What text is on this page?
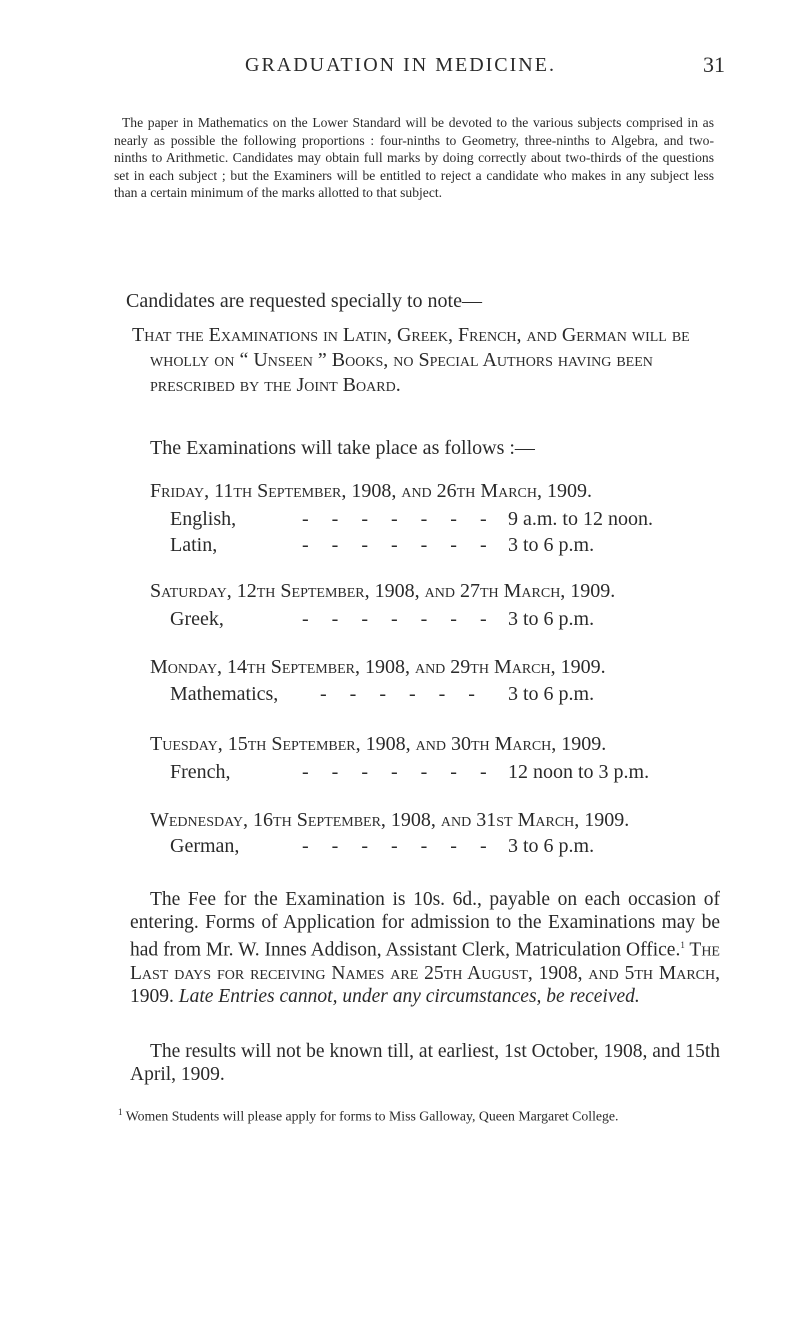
GRADUATION IN MEDICINE.	31
The paper in Mathematics on the Lower Standard will be devoted to the various subjects comprised in as nearly as possible the following proportions : four-ninths to Geometry, three-ninths to Algebra, and two-ninths to Arithmetic. Candidates may obtain full marks by doing correctly about two-thirds of the questions set in each subject ; but the Examiners will be entitled to reject a candidate who makes in any subject less than a certain minimum of the marks allotted to that subject.
Candidates are requested specially to note—
That the Examinations in Latin, Greek, French, and German will be wholly on “ Unseen ” Books, no Special Authors having been prescribed by the Joint Board.
The Examinations will take place as follows :—
Friday, 11th September, 1908, and 26th March, 1909.
English,	- - - - - - - 9 a.m. to 12 noon.
Latin,	- - - - - - - 3 to 6 p.m.
Saturday, 12th September, 1908, and 27th March, 1909.
Greek,	- - - - - - - 3 to 6 p.m.
Monday, 14th September, 1908, and 29th March, 1909.
Mathematics, - - - - - -	3 to 6 p.m.
Tuesday, 15th September, 1908, and 30th March, 1909.
French,	- - - - - - - 12 noon to 3 p.m.
Wednesday, 16th September, 1908, and 31st March, 1909.
German,	- - - - - - - 3 to 6 p.m.
The Fee for the Examination is 10s. 6d., payable on each occasion of entering. Forms of Application for admission to the Examinations may be had from Mr. W. Innes Addison, Assistant Clerk, Matriculation Office.$^1$ The Last days for receiving Names are 25th August, 1908, and 5th March, 1909. Late Entries cannot, under any circumstances, be received.
The results will not be known till, at earliest, 1st October, 1908, and 15th April, 1909.
$^1$ Women Students will please apply for forms to Miss Galloway, Queen Margaret College.
